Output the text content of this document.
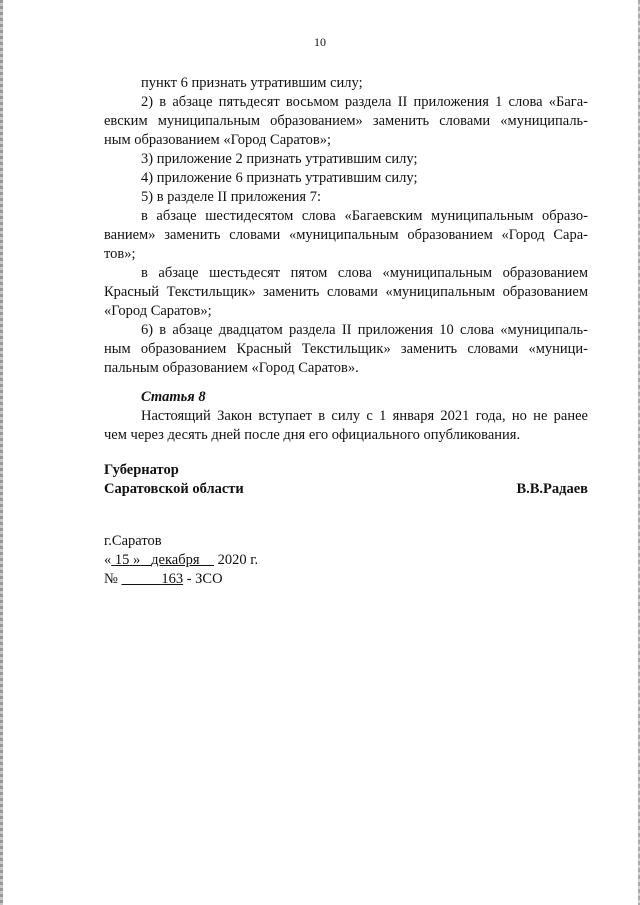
10
пункт 6 признать утратившим силу;
2) в абзаце пятьдесят восьмом раздела II приложения 1 слова «Бага-
евским муниципальным образованием» заменить словами «муниципаль-
ным образованием «Город Саратов»;
3) приложение 2 признать утратившим силу;
4) приложение 6 признать утратившим силу;
5) в разделе II приложения 7:
в абзаце шестидесятом слова «Багаевским муниципальным образо-
ванием» заменить словами «муниципальным образованием «Город Сара-
тов»;
в абзаце шестьдесят пятом слова «муниципальным образованием
Красный Текстильщик» заменить словами «муниципальным образованием
«Город Саратов»;
6) в абзаце двадцатом раздела II приложения 10 слова «муниципаль-
ным образованием Красный Текстильщик» заменить словами «муници-
пальным образованием «Город Саратов».
Статья 8
Настоящий Закон вступает в силу с 1 января 2021 года, но не ранее
чем через десять дней после дня его официального опубликования.
Губернатор
Саратовской области	В.В.Радаев
г.Саратов
« 15 » декабря 2020 г.
№	163 - ЗСО
